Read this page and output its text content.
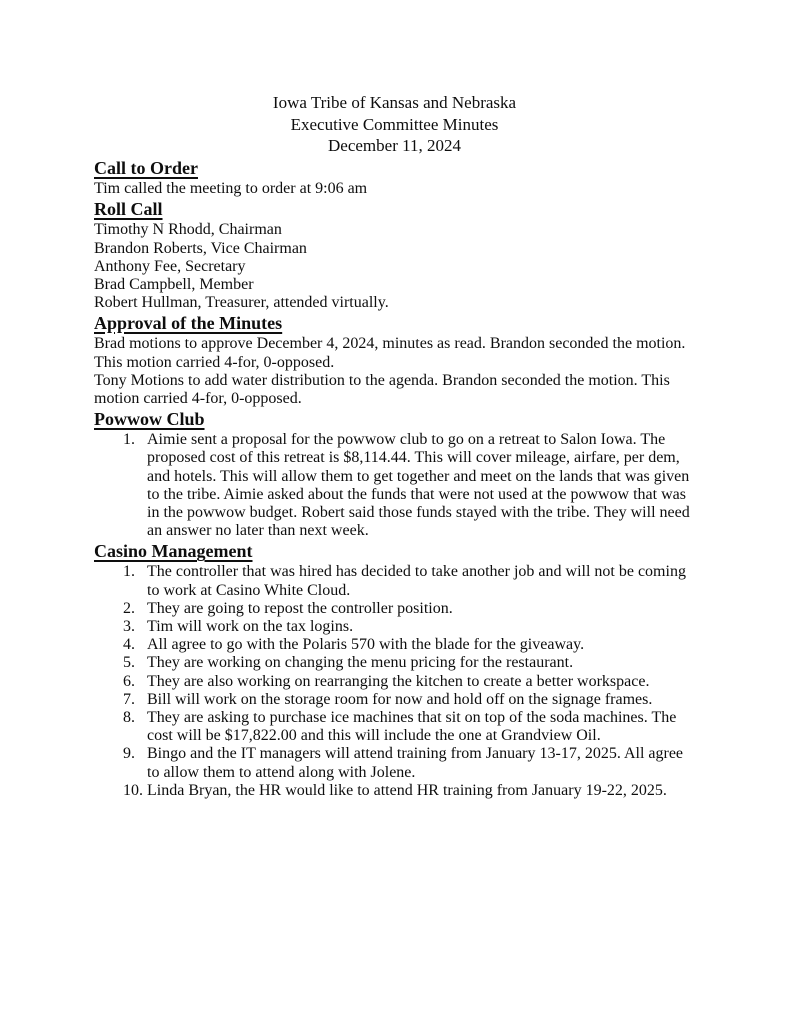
Iowa Tribe of Kansas and Nebraska
Executive Committee Minutes
December 11, 2024
Call to Order

Tim called the meeting to order at 9:06 am

Roll Call

Timothy N Rhodd, Chairman

Brandon Roberts, Vice Chairman

Anthony Fee, Secretary

Brad Campbell, Member

Robert Hullman, Treasurer, attended virtually.

Approval of the Minutes

Brad motions to approve December 4, 2024, minutes as read. Brandon seconded the motion. This motion carried 4-for, 0-opposed.

Tony Motions to add water distribution to the agenda. Brandon seconded the motion. This motion carried 4-for, 0-opposed.

Powwow Club
Aimie sent a proposal for the powwow club to go on a retreat to Salon Iowa. The proposed cost of this retreat is $8,114.44. This will cover mileage, airfare, per dem, and hotels. This will allow them to get together and meet on the lands that was given to the tribe. Aimie asked about the funds that were not used at the powwow that was in the powwow budget. Robert said those funds stayed with the tribe. They will need an answer no later than next week.
Casino Management
The controller that was hired has decided to take another job and will not be coming to work at Casino White Cloud.
They are going to repost the controller position.
Tim will work on the tax logins.
All agree to go with the Polaris 570 with the blade for the giveaway.
They are working on changing the menu pricing for the restaurant.
They are also working on rearranging the kitchen to create a better workspace.
Bill will work on the storage room for now and hold off on the signage frames.
They are asking to purchase ice machines that sit on top of the soda machines. The cost will be $17,822.00 and this will include the one at Grandview Oil.
Bingo and the IT managers will attend training from January 13-17, 2025. All agree to allow them to attend along with Jolene.
Linda Bryan, the HR would like to attend HR training from January 19-22, 2025.
